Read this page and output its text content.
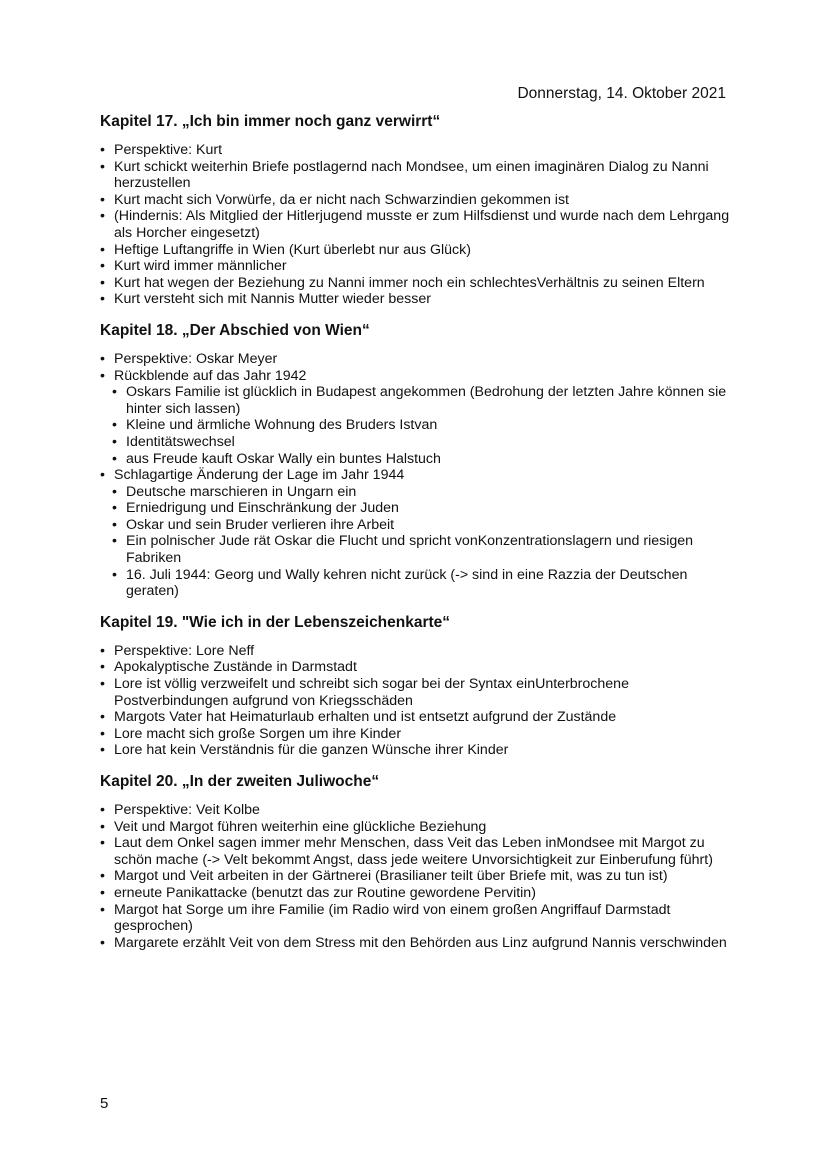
Donnerstag, 14. Oktober 2021
Kapitel 17. „Ich bin immer noch ganz verwirrt“
• Perspektive: Kurt
• Kurt schickt weiterhin Briefe postlagernd nach Mondsee, um einen imaginären Dialog zu Nanni herzustellen
• Kurt macht sich Vorwürfe, da er nicht nach Schwarzindien gekommen ist
• (Hindernis: Als Mitglied der Hitlerjugend musste er zum Hilfsdienst und wurde nach dem Lehrgang als Horcher eingesetzt)
• Heftige Luftangriffe in Wien (Kurt überlebt nur aus Glück)
• Kurt wird immer männlicher
• Kurt hat wegen der Beziehung zu Nanni immer noch ein schlechtesVerhältnis zu seinen Eltern
• Kurt versteht sich mit Nannis Mutter wieder besser
Kapitel 18. „Der Abschied von Wien“
• Perspektive: Oskar Meyer
• Rückblende auf das Jahr 1942
• Oskars Familie ist glücklich in Budapest angekommen (Bedrohung der letzten Jahre können sie hinter sich lassen)
• Kleine und ärmliche Wohnung des Bruders Istvan
• Identitätswechsel
• aus Freude kauft Oskar Wally ein buntes Halstuch
• Schlagartige Änderung der Lage im Jahr 1944
• Deutsche marschieren in Ungarn ein
• Erniedrigung und Einschränkung der Juden
• Oskar und sein Bruder verlieren ihre Arbeit
• Ein polnischer Jude rät Oskar die Flucht und spricht vonKonzentrationslagern und riesigen Fabriken
• 16. Juli 1944: Georg und Wally kehren nicht zurück (-> sind in eine Razzia der Deutschen geraten)
Kapitel 19. "Wie ich in der Lebenszeichenkarte“
• Perspektive: Lore Neff
• Apokalyptische Zustände in Darmstadt
• Lore ist völlig verzweifelt und schreibt sich sogar bei der Syntax einUnterbrochene Postverbindungen aufgrund von Kriegsschäden
• Margots Vater hat Heimaturlaub erhalten und ist entsetzt aufgrund der Zustände
• Lore macht sich große Sorgen um ihre Kinder
• Lore hat kein Verständnis für die ganzen Wünsche ihrer Kinder
Kapitel 20. „In der zweiten Juliwoche“
• Perspektive: Veit Kolbe
• Veit und Margot führen weiterhin eine glückliche Beziehung
• Laut dem Onkel sagen immer mehr Menschen, dass Veit das Leben inMondsee mit Margot zu schön mache (-> Velt bekommt Angst, dass jede weitere Unvorsichtigkeit zur Einberufung führt)
• Margot und Veit arbeiten in der Gärtnerei (Brasilianer teilt über Briefe mit, was zu tun ist)
• erneute Panikattacke (benutzt das zur Routine gewordene Pervitin)
• Margot hat Sorge um ihre Familie (im Radio wird von einem großen Angriffauf Darmstadt gesprochen)
• Margarete erzählt Veit von dem Stress mit den Behörden aus Linz aufgrund Nannis verschwinden
5
